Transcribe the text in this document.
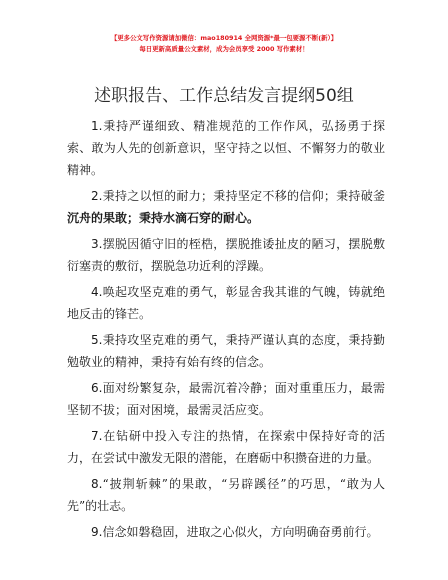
【更多公文写作资源请加微信：mao180914 全网资源*最一包要源不断(新）】
每日更新高质量公文素材，成为会员享受 2000 写作素材！
述职报告、工作总结发言提纲50组

1.秉持严谨细致、精准规范的工作作风，弘扬勇于探索、敢为人先的创新意识，坚守持之以恒、不懈努力的敬业精神。

2.秉持之以恒的耐力；秉持坚定不移的信仰；秉持破釜沉舟的果敢；秉持水滴石穿的耐心。

3.摆脱因循守旧的桎梏，摆脱推诿扯皮的陋习，摆脱敷衍塞责的敷衍，摆脱急功近利的浮躁。

4.唤起攻坚克难的勇气，彰显舍我其谁的气魄，铸就绝地反击的锋芒。

5.秉持攻坚克难的勇气，秉持严谨认真的态度，秉持勤勉敬业的精神，秉持有始有终的信念。

6.面对纷繁复杂，最需沉着冷静；面对重重压力，最需坚韧不拔；面对困境，最需灵活应变。

7.在钻研中投入专注的热情，在探索中保持好奇的活力，在尝试中激发无限的潜能，在磨砺中积攒奋进的力量。

8.“披荆斩棘”的果敢，“另辟蹊径”的巧思，“敢为人先”的壮志。

9.信念如磐稳固，进取之心似火，方向明确奋勇前行。
